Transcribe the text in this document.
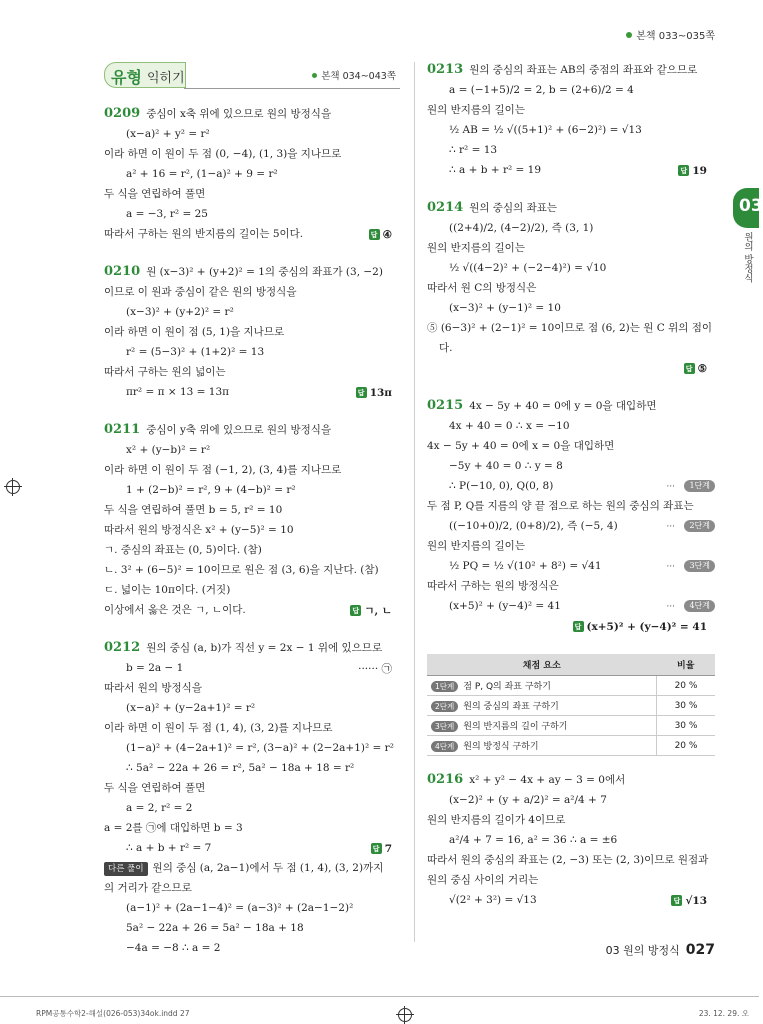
본책 033~035쪽
03
원의 방정식
유형 익히기	본책 034~043쪽
0209 중심이 x축 위에 있으므로 원의 방정식을
(x−a)² + y² = r²
이라 하면 이 원이 두 점 (0, −4), (1, 3)을 지나므로
a² + 16 = r², (1−a)² + 9 = r²
두 식을 연립하여 풀면
a = −3, r² = 25
따라서 구하는 원의 반지름의 길이는 5이다.	답 ④
0210 원 (x−3)² + (y+2)² = 1의 중심의 좌표가 (3, −2)
이므로 이 원과 중심이 같은 원의 방정식을
(x−3)² + (y+2)² = r²
이라 하면 이 원이 점 (5, 1)을 지나므로
r² = (5−3)² + (1+2)² = 13
따라서 구하는 원의 넓이는
πr² = π × 13 = 13π	답 13π
0211 중심이 y축 위에 있으므로 원의 방정식을
x² + (y−b)² = r²
이라 하면 이 원이 두 점 (−1, 2), (3, 4)를 지나므로
1 + (2−b)² = r², 9 + (4−b)² = r²
두 식을 연립하여 풀면 b = 5, r² = 10
따라서 원의 방정식은 x² + (y−5)² = 10
ㄱ. 중심의 좌표는 (0, 5)이다. (참)
ㄴ. 3² + (6−5)² = 10이므로 원은 점 (3, 6)을 지난다. (참)
ㄷ. 넓이는 10π이다. (거짓)
이상에서 옳은 것은 ㄱ, ㄴ이다.	답 ㄱ, ㄴ
0212 원의 중심 (a, b)가 직선 y = 2x − 1 위에 있으므로
b = 2a − 1	······ ㉠
따라서 원의 방정식을
(x−a)² + (y−2a+1)² = r²
이라 하면 이 원이 두 점 (1, 4), (3, 2)를 지나므로
(1−a)² + (4−2a+1)² = r², (3−a)² + (2−2a+1)² = r²
∴ 5a² − 22a + 26 = r², 5a² − 18a + 18 = r²
두 식을 연립하여 풀면
a = 2, r² = 2
a = 2를 ㉠에 대입하면 b = 3
∴ a + b + r² = 7	답 7
다른 풀이 원의 중심 (a, 2a−1)에서 두 점 (1, 4), (3, 2)까지
의 거리가 같으므로
(a−1)² + (2a−1−4)² = (a−3)² + (2a−1−2)²
5a² − 22a + 26 = 5a² − 18a + 18
−4a = −8 ∴ a = 2
0213 원의 중심의 좌표는 AB의 중점의 좌표와 같으므로
a = (−1+5)/2 = 2, b = (2+6)/2 = 4
원의 반지름의 길이는
½ AB = ½ √((5+1)² + (6−2)²) = √13
∴ r² = 13
∴ a + b + r² = 19	답 19
0214 원의 중심의 좌표는
((2+4)/2, (4−2)/2), 즉 (3, 1)
원의 반지름의 길이는
½ √((4−2)² + (−2−4)²) = √10
따라서 원 C의 방정식은
(x−3)² + (y−1)² = 10
⑤ (6−3)² + (2−1)² = 10이므로 점 (6, 2)는 원 C 위의 점이
다.
답 ⑤

0215 4x − 5y + 40 = 0에 y = 0을 대입하면
4x + 40 = 0 ∴ x = −10
4x − 5y + 40 = 0에 x = 0을 대입하면
−5y + 40 = 0 ∴ y = 8
∴ P(−10, 0), Q(0, 8)	···	1단계
두 점 P, Q를 지름의 양 끝 점으로 하는 원의 중심의 좌표는
((−10+0)/2, (0+8)/2), 즉 (−5, 4)	···	2단계
원의 반지름의 길이는
½ PQ = ½ √(10² + 8²) = √41	···	3단계
따라서 구하는 원의 방정식은
(x+5)² + (y−4)² = 41	···	4단계
답 (x+5)² + (y−4)² = 41

채점 요소	비율
1단계 점 P, Q의 좌표 구하기	20 %
2단계 원의 중심의 좌표 구하기	30 %
3단계 원의 반지름의 길이 구하기	30 %
4단계 원의 방정식 구하기	20 %
0216 x² + y² − 4x + ay − 3 = 0에서
(x−2)² + (y + a/2)² = a²/4 + 7
원의 반지름의 길이가 4이므로
a²/4 + 7 = 16, a² = 36 ∴ a = ±6
따라서 원의 중심의 좌표는 (2, −3) 또는 (2, 3)이므로 원점과
원의 중심 사이의 거리는
√(2² + 3²) = √13	답 √13
03 원의 방정식 027
RPM공통수학2-해설(026-053)34ok.indd 27	23. 12. 29. 오
